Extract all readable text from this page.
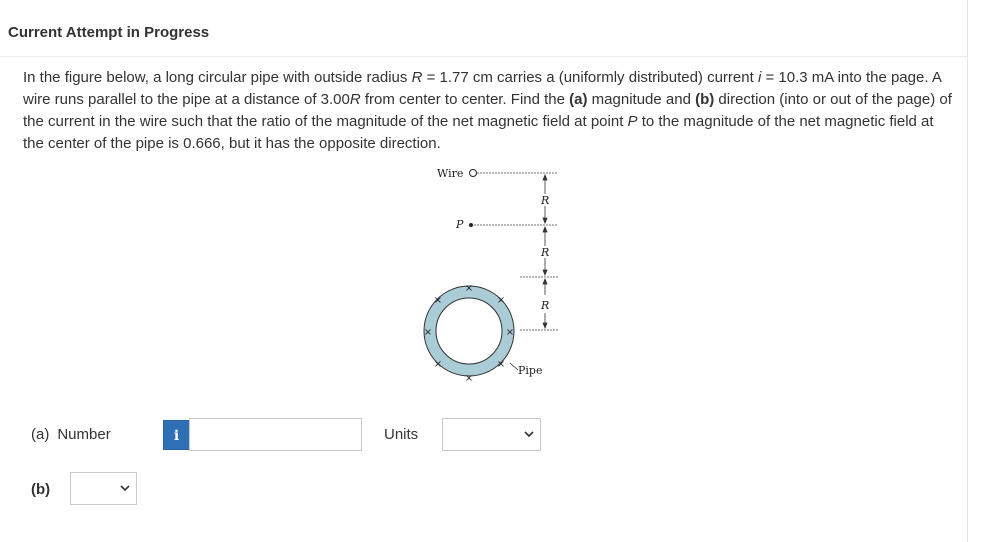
Current Attempt in Progress
In the figure below, a long circular pipe with outside radius R = 1.77 cm carries a (uniformly distributed) current i = 10.3 mA into the page. A wire runs parallel to the pipe at a distance of 3.00R from center to center. Find the (a) magnitude and (b) direction (into or out of the page) of the current in the wire such that the ratio of the magnitude of the net magnetic field at point P to the magnitude of the net magnetic field at the center of the pipe is 0.666, but it has the opposite direction.
Wire
P
R
R
R
×
×	×
×	×
×	×
×
Pipe
(a) Number	i	Units
(b)
